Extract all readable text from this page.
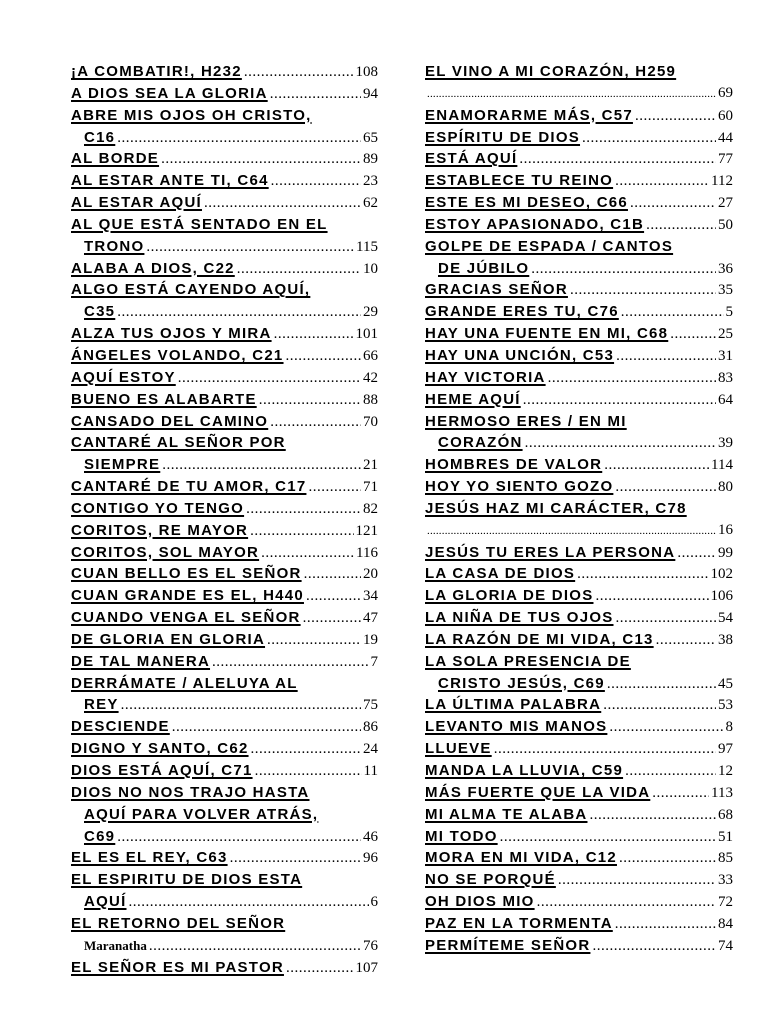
¡A COMBATIR!, H232 .....	108
A DIOS SEA LA GLORIA .....	94
ABRE MIS OJOS OH CRISTO,
C16 .....	65
AL BORDE .....	89
AL ESTAR ANTE TI, C64 .....	23
AL ESTAR AQUÍ .....	62
AL QUE ESTÁ SENTADO EN EL
TRONO .....	115
ALABA A DIOS, C22 .....	10
ALGO ESTÁ CAYENDO AQUÍ,
C35 .....	29
ALZA TUS OJOS Y MIRA .....	101
ÁNGELES VOLANDO, C21 .....	66
AQUÍ ESTOY .....	42
BUENO ES ALABARTE .....	88
CANSADO DEL CAMINO .....	70
CANTARÉ AL SEÑOR POR
SIEMPRE .....	21
CANTARÉ DE TU AMOR, C17 .....	71
CONTIGO YO TENGO .....	82
CORITOS, RE MAYOR .....	121
CORITOS, SOL MAYOR .....	116
CUAN BELLO ES EL SEÑOR .....	20
CUAN GRANDE ES EL, H440 .....	34
CUANDO VENGA EL SEÑOR .....	47
DE GLORIA EN GLORIA .....	19
DE TAL MANERA .....	7
DERRÁMATE / ALELUYA AL
REY .....	75
DESCIENDE .....	86
DIGNO Y SANTO, C62 .....	24
DIOS ESTÁ AQUÍ, C71 .....	11
DIOS NO NOS TRAJO HASTA
AQUÍ PARA VOLVER ATRÁS,
C69 .....	46
EL ES EL REY, C63 .....	96
EL ESPIRITU DE DIOS ESTA
AQUÍ .....	6
EL RETORNO DEL SEÑOR
Maranatha .....	76
EL SEÑOR ES MI PASTOR .....	107
EL VINO A MI CORAZÓN, H259
.....
69
ENAMORARME MÁS, C57 .....	60
ESPÍRITU DE DIOS .....	44
ESTÁ AQUÍ .....	77
ESTABLECE TU REINO .....	112
ESTE ES MI DESEO, C66 .....	27
ESTOY APASIONADO, C1B .....	50
GOLPE DE ESPADA / CANTOS
DE JÚBILO .....	36
GRACIAS SEÑOR .....	35
GRANDE ERES TU, C76 .....	5
HAY UNA FUENTE EN MI, C68 .....	25
HAY UNA UNCIÓN, C53 .....	31
HAY VICTORIA .....	83
HEME AQUÍ .....	64
HERMOSO ERES / EN MI
CORAZÓN .....	39
HOMBRES DE VALOR .....	114
HOY YO SIENTO GOZO .....	80
JESÚS HAZ MI CARÁCTER, C78
.....
16
JESÚS TU ERES LA PERSONA .....	99
LA CASA DE DIOS .....	102
LA GLORIA DE DIOS .....	106
LA NIÑA DE TUS OJOS .....	54
LA RAZÓN DE MI VIDA, C13 .....	38
LA SOLA PRESENCIA DE
CRISTO JESÚS, C69 .....	45
LA ÚLTIMA PALABRA .....	53
LEVANTO MIS MANOS .....	8
LLUEVE .....	97
MANDA LA LLUVIA, C59 .....	12
MÁS FUERTE QUE LA VIDA .....	113
MI ALMA TE ALABA .....	68
MI TODO .....	51
MORA EN MI VIDA, C12 .....	85
NO SE PORQUÉ .....	33
OH DIOS MIO .....	72
PAZ EN LA TORMENTA .....	84
PERMÍTEME SEÑOR .....	74
